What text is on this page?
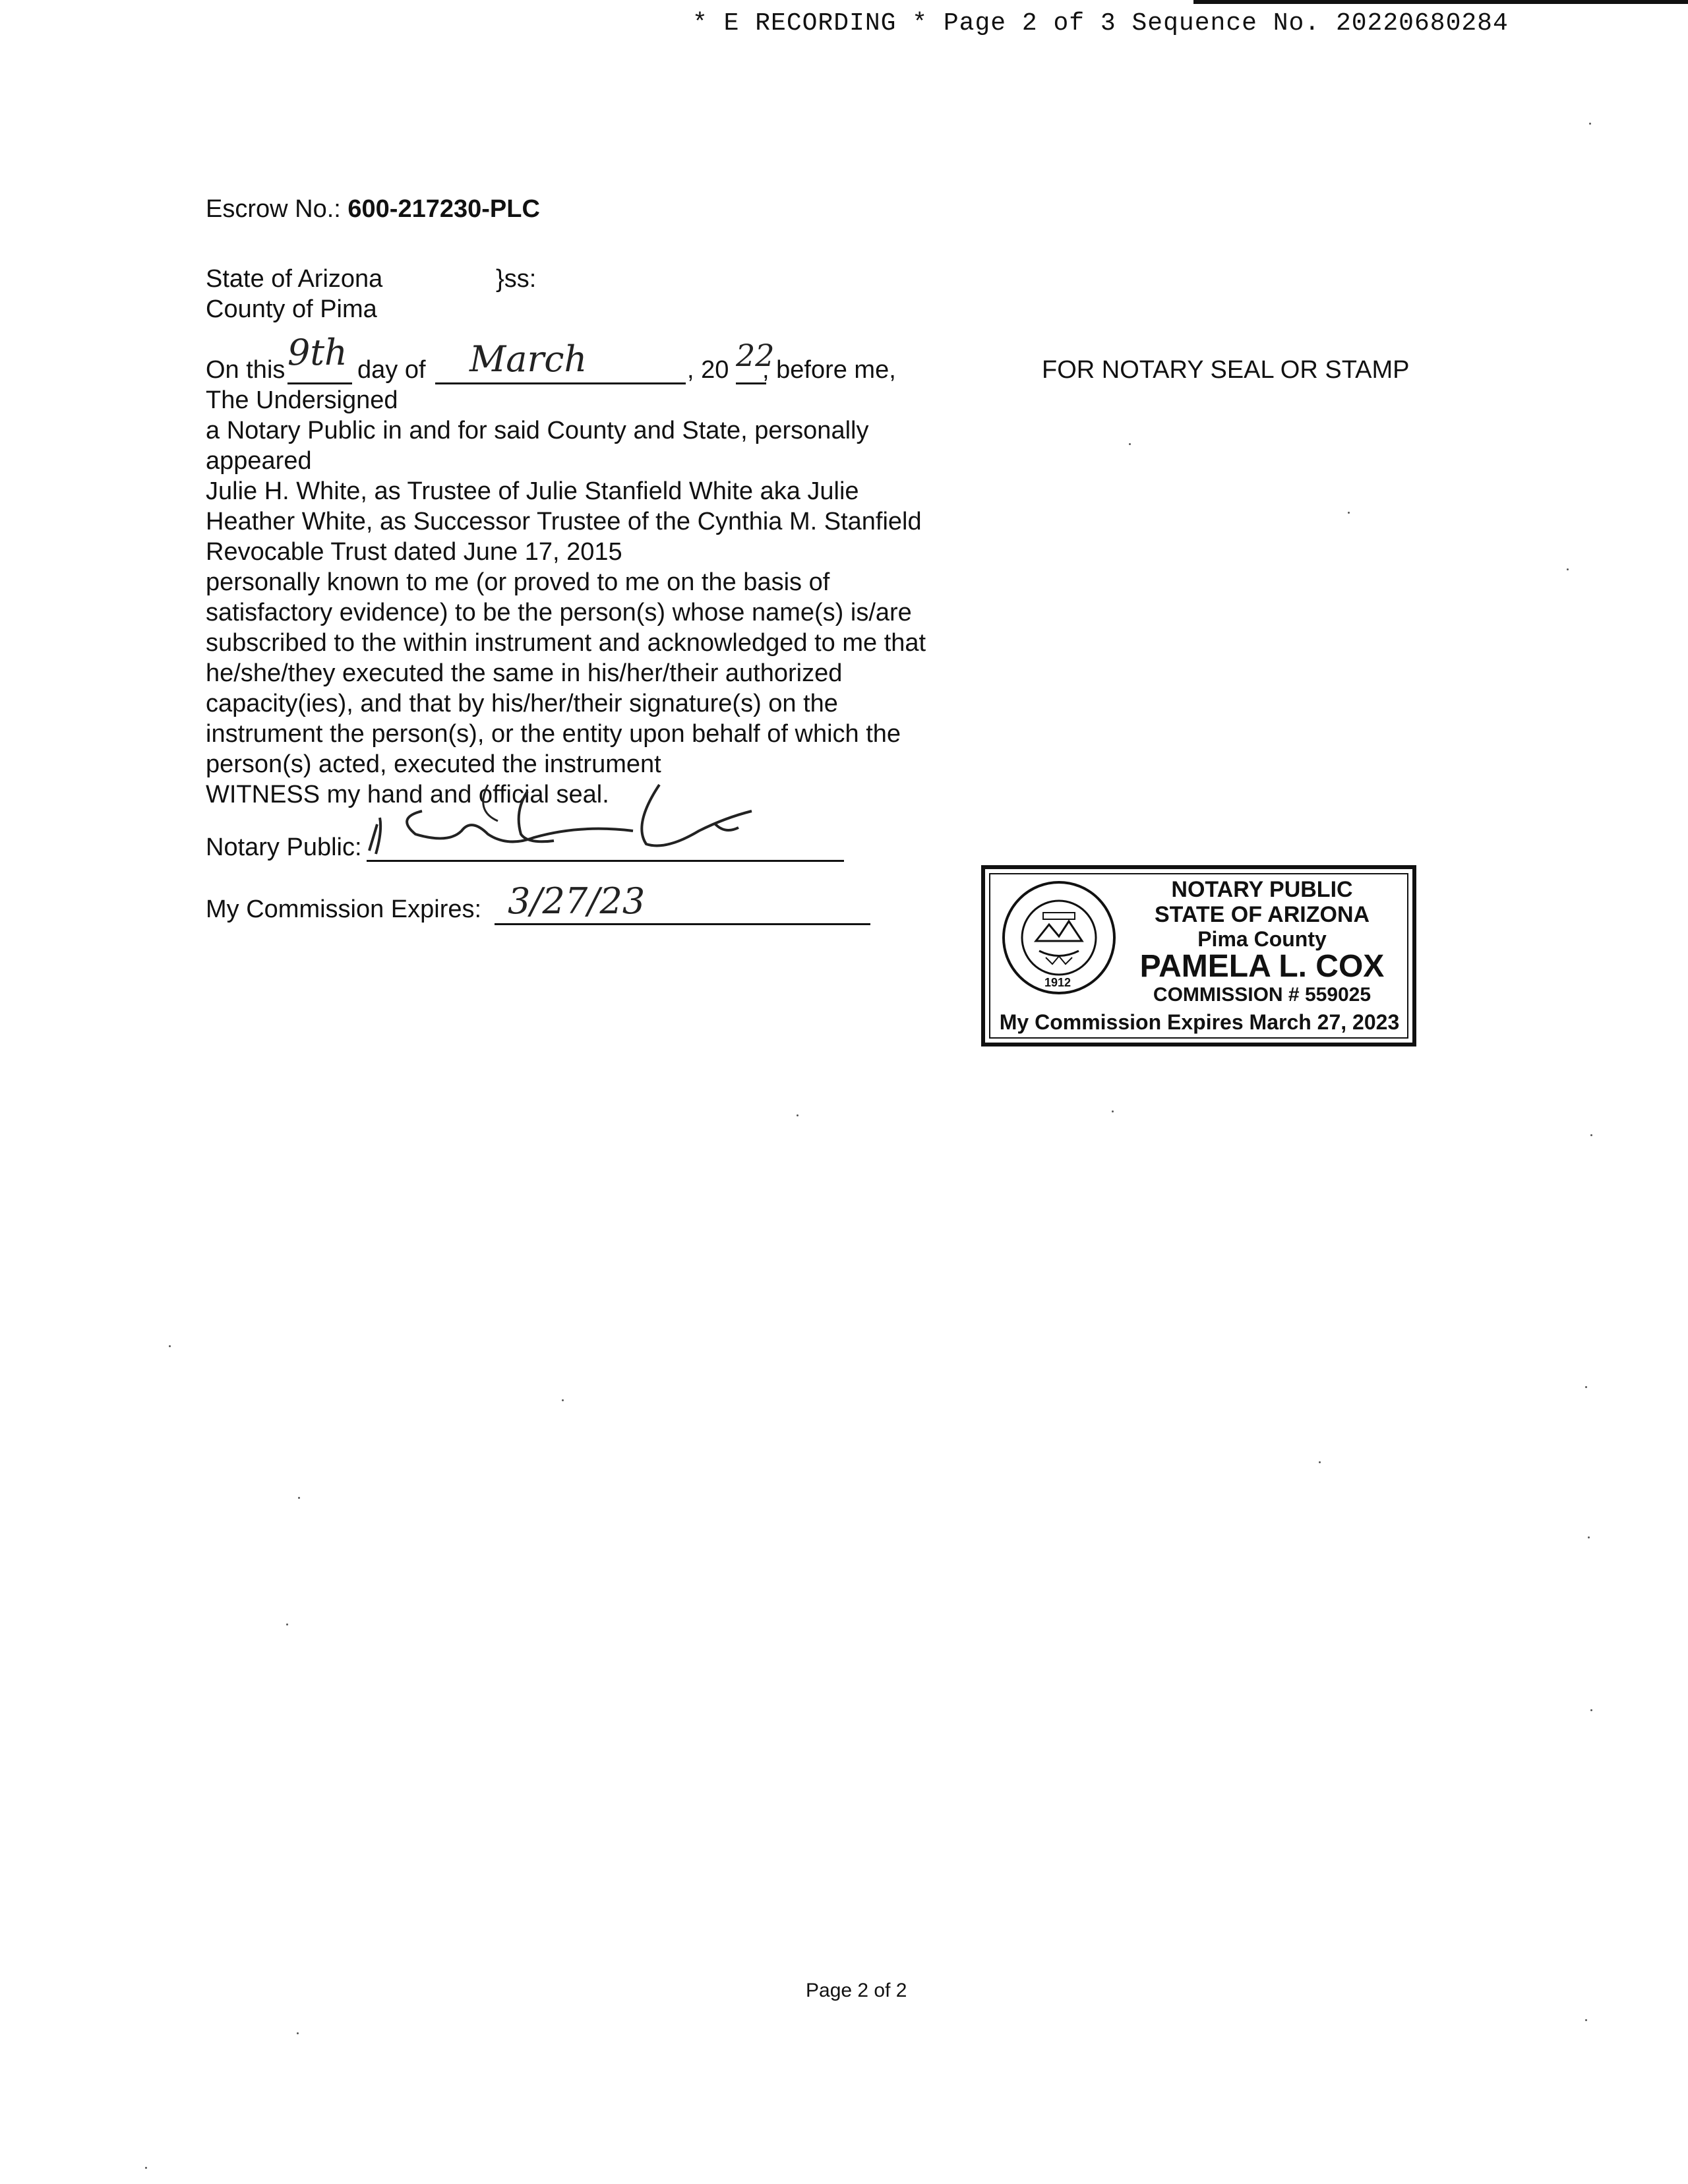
* E RECORDING * Page 2 of 3 Sequence No. 20220680284
Escrow No.: 600-217230-PLC
State of Arizona	}ss:
County of Pima
On this 9th day of March	, 20 22
, before me,	FOR NOTARY SEAL OR STAMP
The Undersigned
a Notary Public in and for said County and State, personally
appeared
Julie H. White, as Trustee of Julie Stanfield White aka Julie
Heather White, as Successor Trustee of the Cynthia M. Stanfield
Revocable Trust dated June 17, 2015
personally known to me (or proved to me on the basis of
satisfactory evidence) to be the person(s) whose name(s) is/are
subscribed to the within instrument and acknowledged to me that
he/she/they executed the same in his/her/their authorized
capacity(ies), and that by his/her/their signature(s) on the
instrument the person(s), or the entity upon behalf of which the
person(s) acted, executed the instrument
WITNESS my hand and official seal.
Notary Public:
My Commission Expires: 3/27/23
1912
NOTARY PUBLIC
STATE OF ARIZONA
Pima County
PAMELA L. COX
COMMISSION # 559025
My Commission Expires March 27, 2023
Page 2 of 2
